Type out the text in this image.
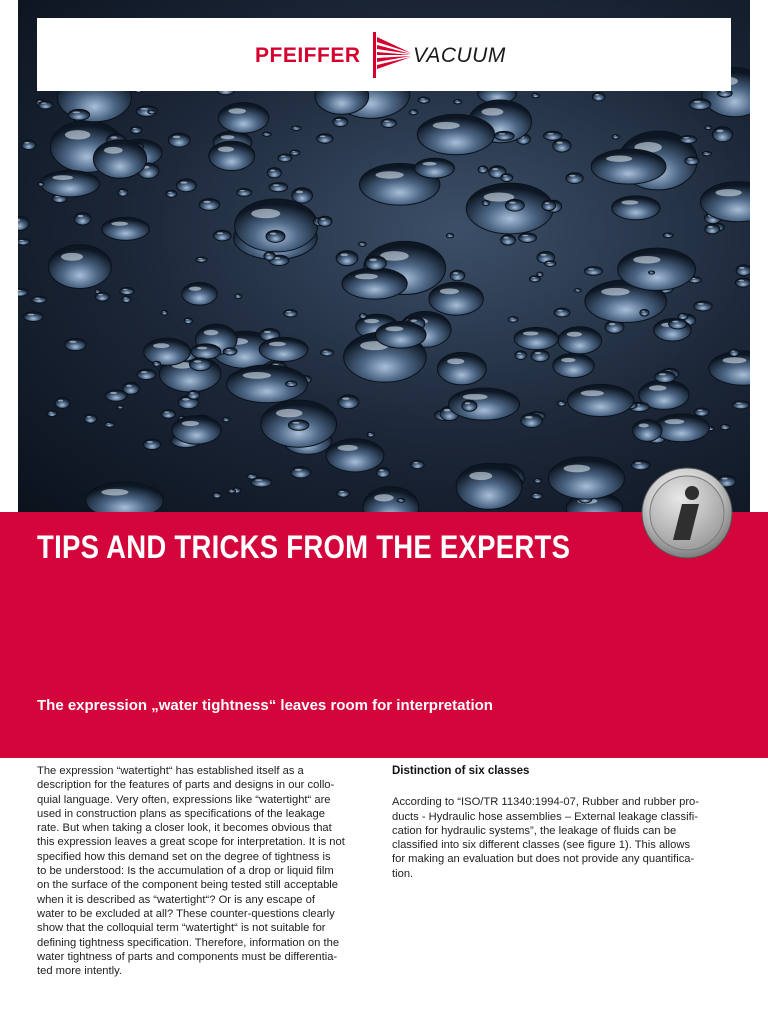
PFEIFFER VACUUM
TIPS AND TRICKS FROM THE EXPERTS

The expression „water tightness“ leaves room for interpretation

The expression “watertight“ has established itself as a
description for the features of parts and designs in our collo-
quial language. Very often, expressions like “watertight“ are
used in construction plans as specifications of the leakage
rate. But when taking a closer look, it becomes obvious that
this expression leaves a great scope for interpretation. It is not
specified how this demand set on the degree of tightness is
to be understood: Is the accumulation of a drop or liquid film
on the surface of the component being tested still acceptable
when it is described as “watertight“? Or is any escape of
water to be excluded at all? These counter-questions clearly
show that the colloquial term “watertight“ is not suitable for
defining tightness specification. Therefore, information on the
water tightness of parts and components must be differentia-
ted more intently.

Distinction of six classes

According to “ISO/TR 11340:1994-07, Rubber and rubber pro-
ducts - Hydraulic hose assemblies – External leakage classifi-
cation for hydraulic systems”, the leakage of fluids can be
classified into six different classes (see figure 1). This allows
for making an evaluation but does not provide any quantifica-
tion.
